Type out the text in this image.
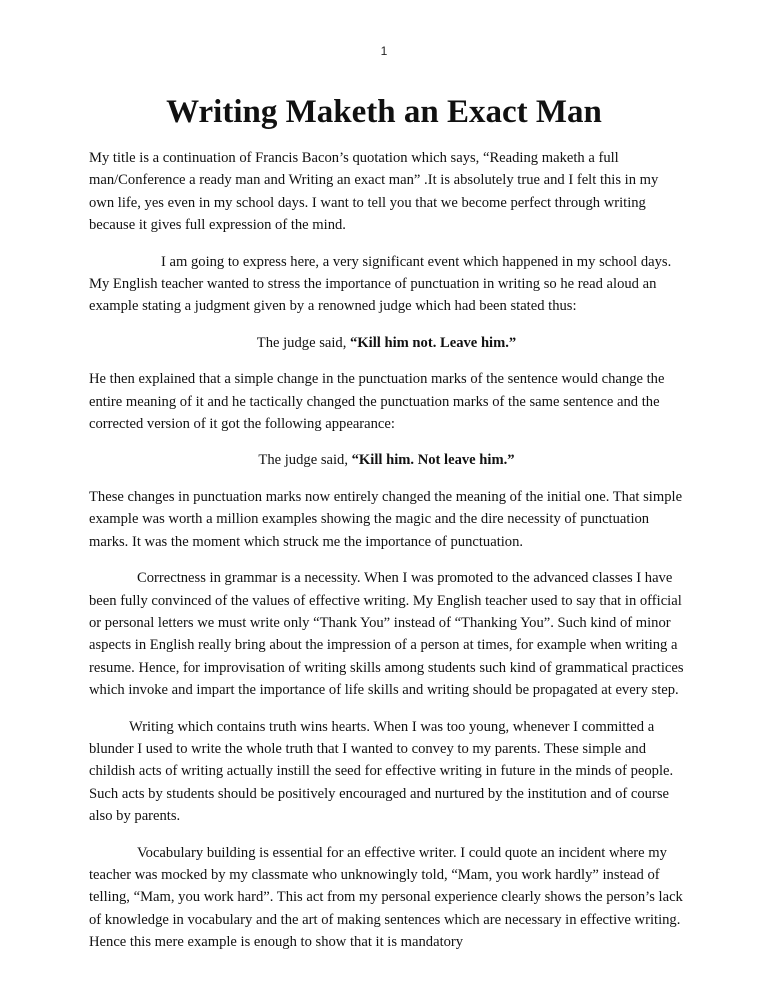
1
Writing Maketh an Exact Man

My title is a continuation of Francis Bacon’s quotation which says, “Reading maketh a full man/Conference a ready man and Writing an exact man” .It is absolutely true and I felt this in my own life, yes even in my school days. I want to tell you that we become perfect through writing because it gives full expression of the mind.

I am going to express here, a very significant event which happened in my school days. My English teacher wanted to stress the importance of punctuation in writing so he read aloud an example stating a judgment given by a renowned judge which had been stated thus:

The judge said, “Kill him not. Leave him.”

He then explained that a simple change in the punctuation marks of the sentence would change the entire meaning of it and he tactically changed the punctuation marks of the same sentence and the corrected version of it got the following appearance:

The judge said, “Kill him. Not leave him.”

These changes in punctuation marks now entirely changed the meaning of the initial one. That simple example was worth a million examples showing the magic and the dire necessity of punctuation marks. It was the moment which struck me the importance of punctuation.

Correctness in grammar is a necessity. When I was promoted to the advanced classes I have been fully convinced of the values of effective writing. My English teacher used to say that in official or personal letters we must write only “Thank You” instead of “Thanking You”. Such kind of minor aspects in English really bring about the impression of a person at times, for example when writing a resume. Hence, for improvisation of writing skills among students such kind of grammatical practices which invoke and impart the importance of life skills and writing should be propagated at every step.

Writing which contains truth wins hearts. When I was too young, whenever I committed a blunder I used to write the whole truth that I wanted to convey to my parents. These simple and childish acts of writing actually instill the seed for effective writing in future in the minds of people. Such acts by students should be positively encouraged and nurtured by the institution and of course also by parents.

Vocabulary building is essential for an effective writer. I could quote an incident where my teacher was mocked by my classmate who unknowingly told, “Mam, you work hardly” instead of telling, “Mam, you work hard”. This act from my personal experience clearly shows the person’s lack of knowledge in vocabulary and the art of making sentences which are necessary in effective writing. Hence this mere example is enough to show that it is mandatory
